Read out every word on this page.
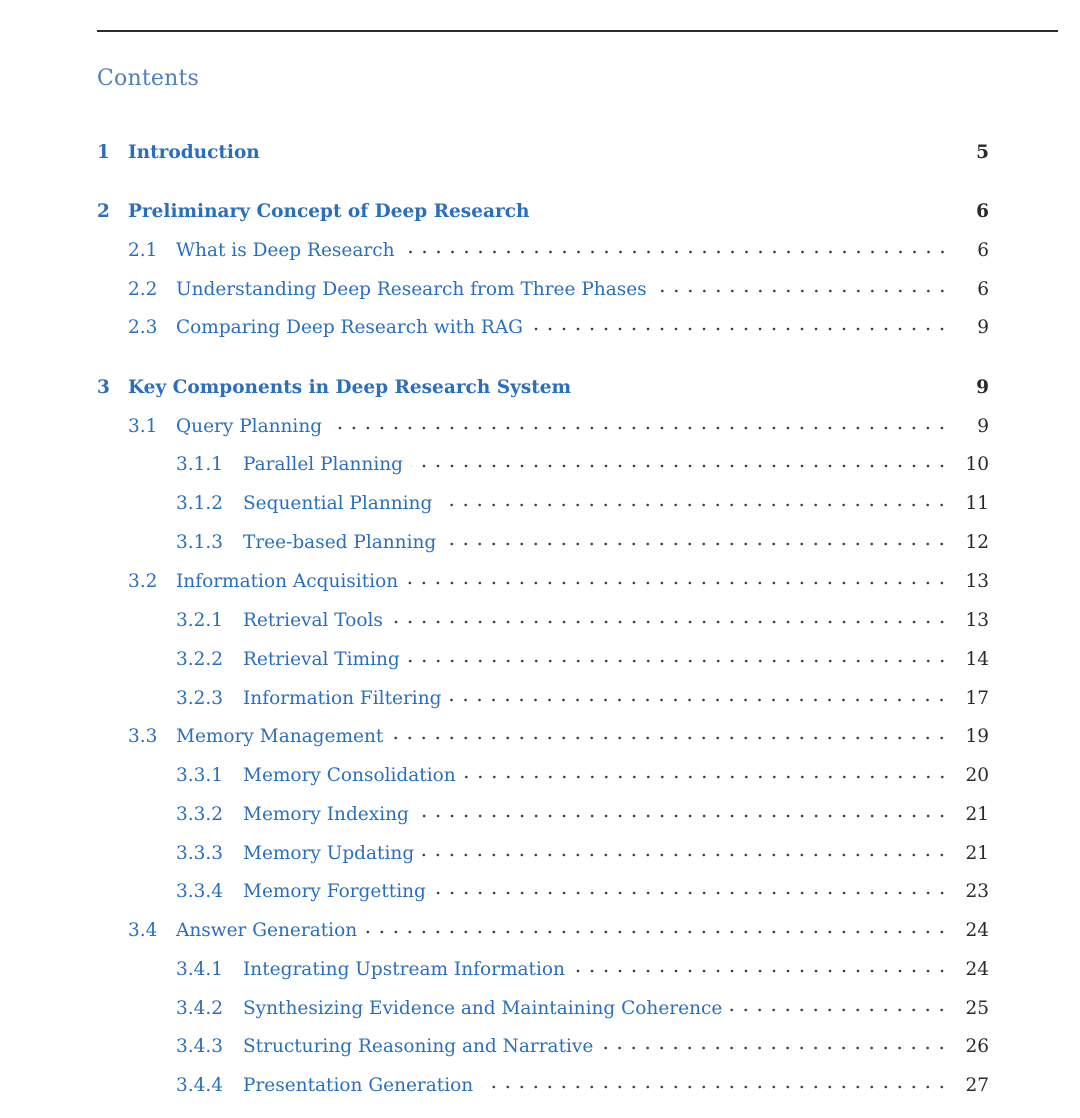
Contents
1 Introduction	5
2 Preliminary Concept of Deep Research	6
2.1 What is Deep Research	6
2.2 Understanding Deep Research from Three Phases	6
2.3 Comparing Deep Research with RAG	9
3 Key Components in Deep Research System	9
3.1 Query Planning	9
3.1.1 Parallel Planning	10
3.1.2 Sequential Planning	11
3.1.3 Tree-based Planning	12
3.2 Information Acquisition	13
3.2.1 Retrieval Tools	13
3.2.2 Retrieval Timing	14
3.2.3 Information Filtering	17
3.3 Memory Management	19
3.3.1 Memory Consolidation	20
3.3.2 Memory Indexing	21
3.3.3 Memory Updating	21
3.3.4 Memory Forgetting	23
3.4 Answer Generation	24
3.4.1 Integrating Upstream Information	24
3.4.2 Synthesizing Evidence and Maintaining Coherence	25
3.4.3 Structuring Reasoning and Narrative	26
3.4.4 Presentation Generation	27
